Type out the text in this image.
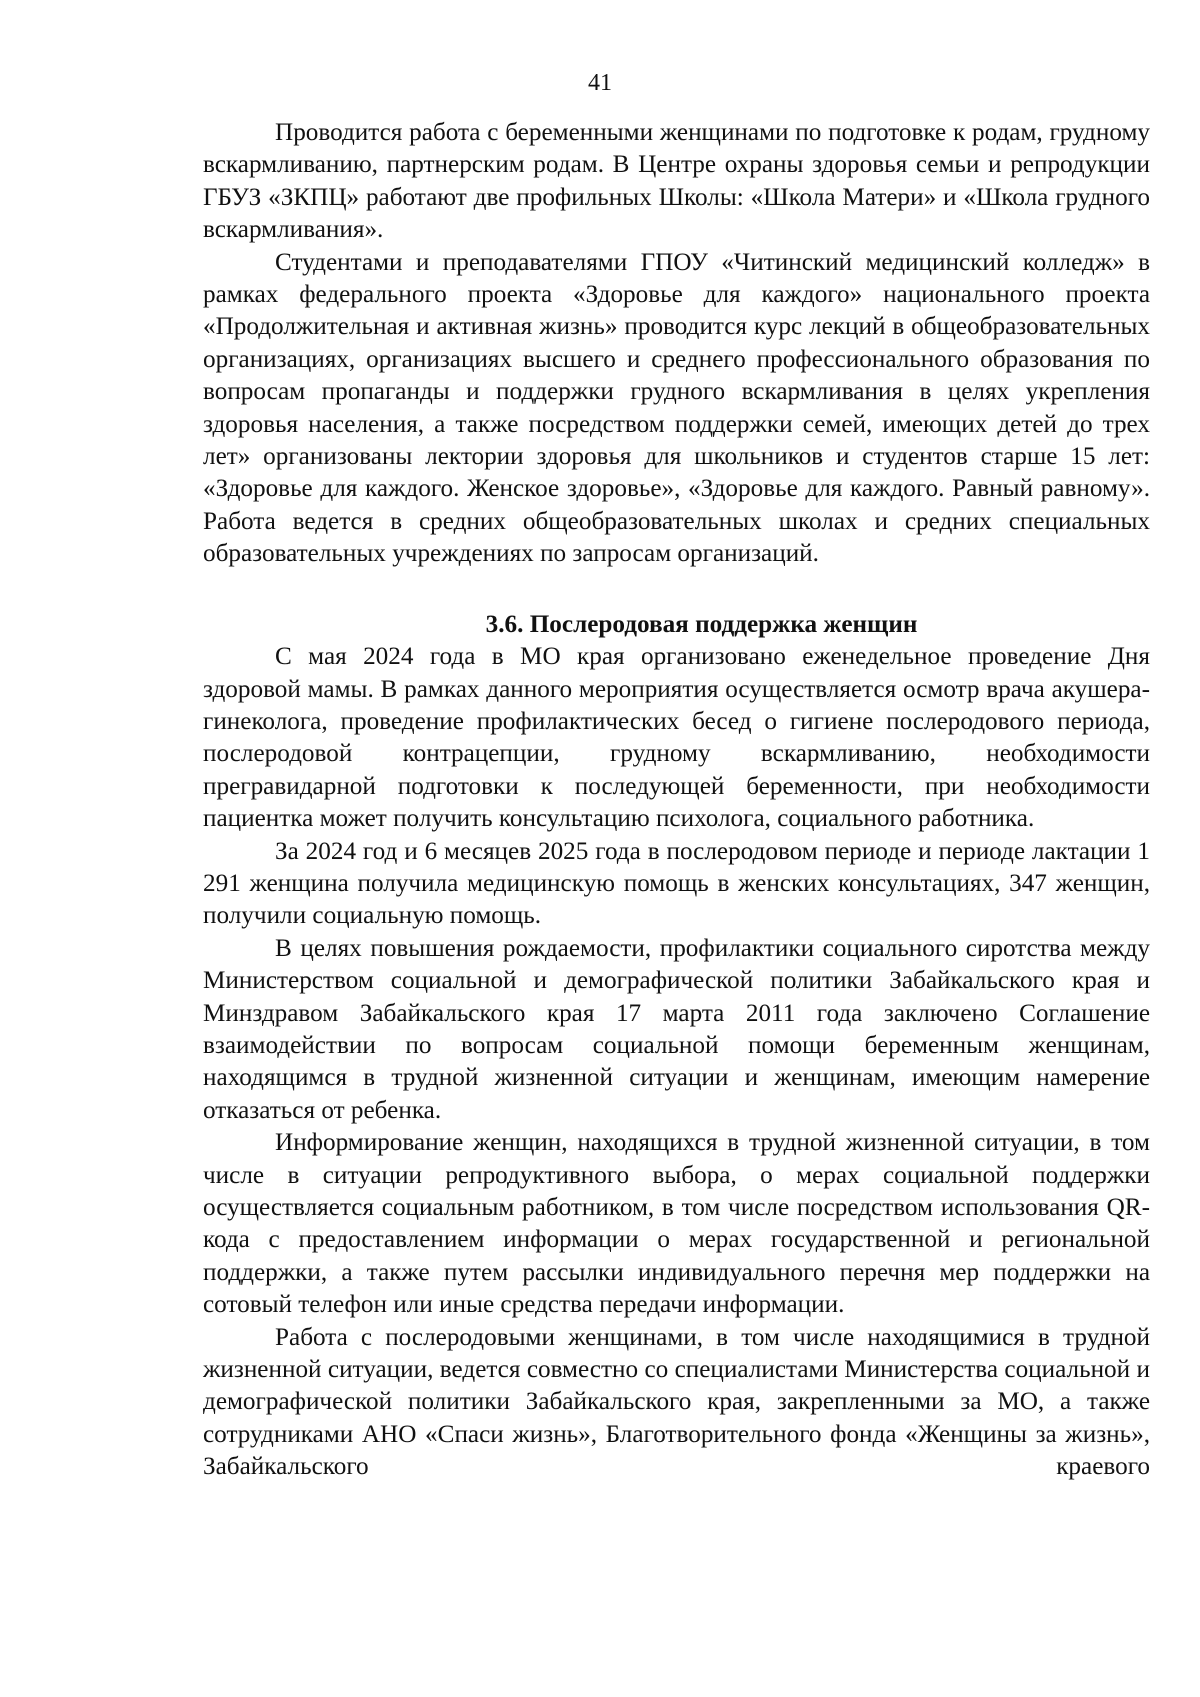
41

Проводится работа с беременными женщинами по подготовке к родам, грудному вскармливанию, партнерским родам. В Центре охраны здоровья семьи и репродукции ГБУЗ «ЗКПЦ» работают две профильных Школы: «Школа Матери» и «Школа грудного вскармливания».

Студентами и преподавателями ГПОУ «Читинский медицинский колледж» в рамках федерального проекта «Здоровье для каждого» национального проекта «Продолжительная и активная жизнь» проводится курс лекций в общеобразовательных организациях, организациях высшего и среднего профессионального образования по вопросам пропаганды и поддержки грудного вскармливания в целях укрепления здоровья населения, а также посредством поддержки семей, имеющих детей до трех лет» организованы лектории здоровья для школьников и студентов старше 15 лет: «Здоровье для каждого. Женское здоровье», «Здоровье для каждого. Равный равному». Работа ведется в средних общеобразовательных школах и средних специальных образовательных учреждениях по запросам организаций.

3.6. Послеродовая поддержка женщин

С мая 2024 года в МО края организовано еженедельное проведение Дня здоровой мамы. В рамках данного мероприятия осуществляется осмотр врача акушера-гинеколога, проведение профилактических бесед о гигиене послеродового периода, послеродовой контрацепции, грудному вскармливанию, необходимости прегравидарной подготовки к последующей беременности, при необходимости пациентка может получить консультацию психолога, социального работника.

За 2024 год и 6 месяцев 2025 года в послеродовом периоде и периоде лактации 1 291 женщина получила медицинскую помощь в женских консультациях, 347 женщин, получили социальную помощь.

В целях повышения рождаемости, профилактики социального сиротства между Министерством социальной и демографической политики Забайкальского края и Минздравом Забайкальского края 17 марта 2011 года заключено Соглашение взаимодействии по вопросам социальной помощи беременным женщинам, находящимся в трудной жизненной ситуации и женщинам, имеющим намерение отказаться от ребенка.

Информирование женщин, находящихся в трудной жизненной ситуации, в том числе в ситуации репродуктивного выбора, о мерах социальной поддержки осуществляется социальным работником, в том числе посредством использования QR-кода с предоставлением информации о мерах государственной и региональной поддержки, а также путем рассылки индивидуального перечня мер поддержки на сотовый телефон или иные средства передачи информации.

Работа с послеродовыми женщинами, в том числе находящимися в трудной жизненной ситуации, ведется совместно со специалистами Министерства социальной и демографической политики Забайкальского края, закрепленными за МО, а также сотрудниками АНО «Спаси жизнь», Благотворительного фонда «Женщины за жизнь», Забайкальского краевого
